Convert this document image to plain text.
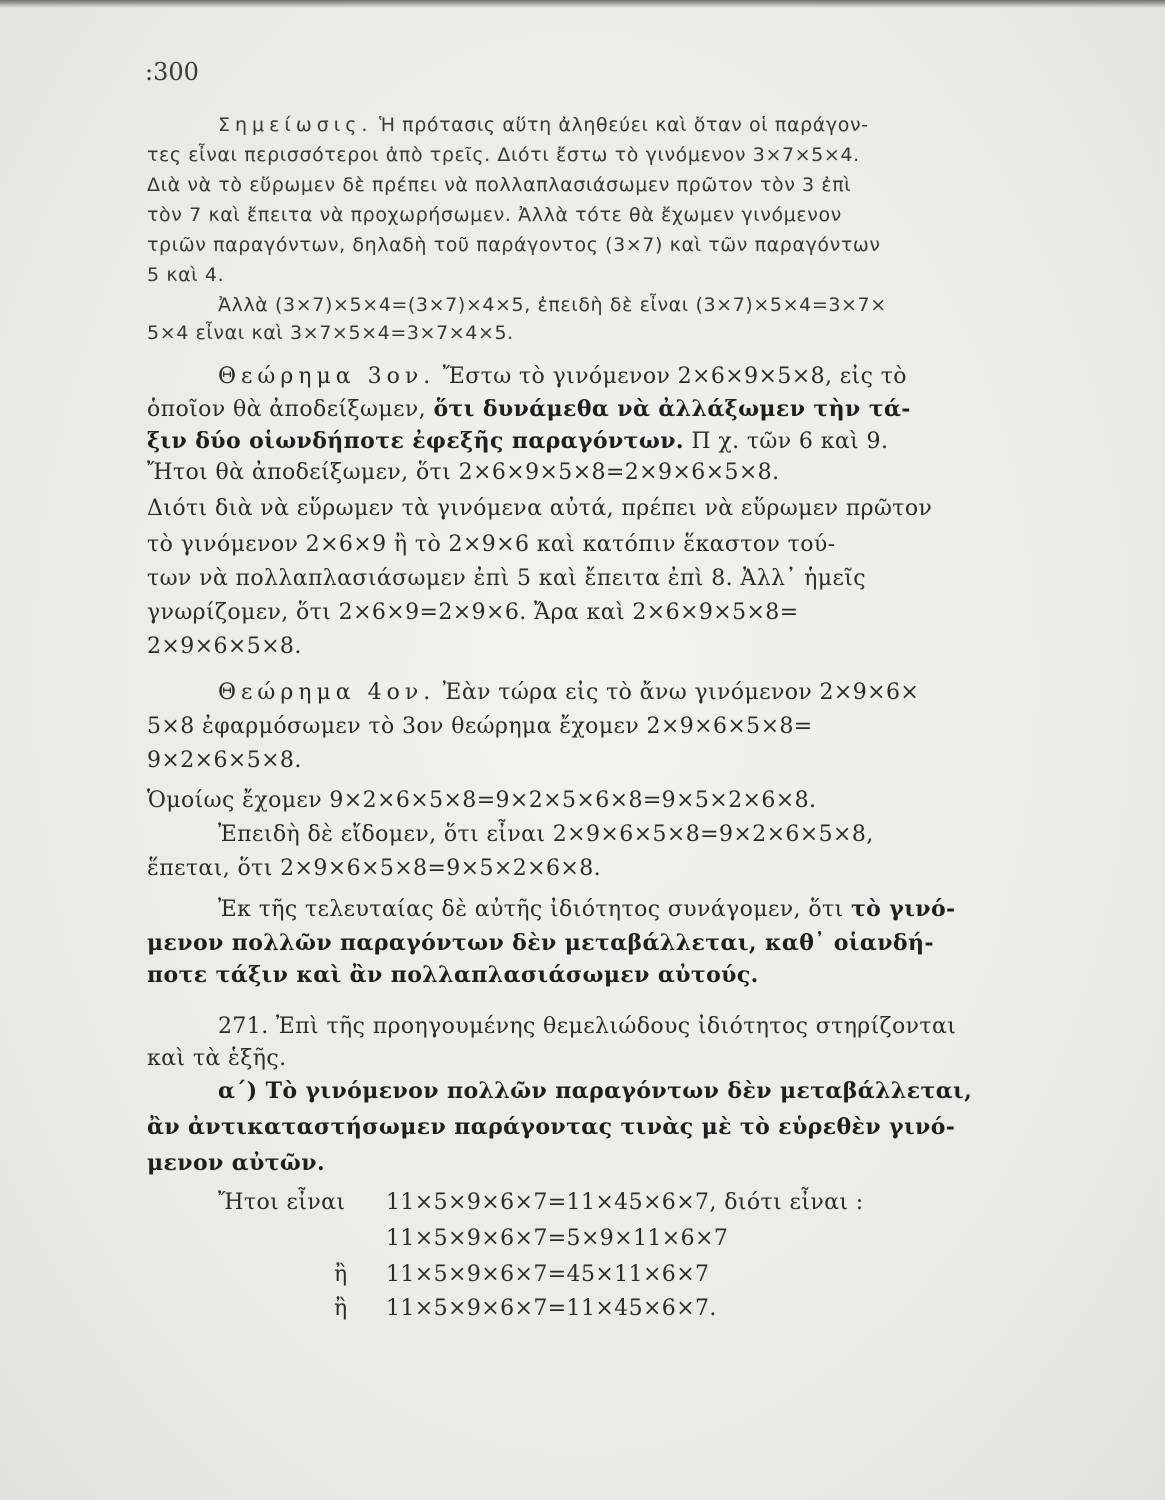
:300
Σημείωσις. Ἡ πρότασις αὕτη ἀληθεύει καὶ ὅταν οἱ παράγον-
τες εἶναι περισσότεροι ἀπὸ τρεῖς. Διότι ἔστω τὸ γινόμενον 3×7×5×4.
Διὰ νὰ τὸ εὕρωμεν δὲ πρέπει νὰ πολλαπλασιάσωμεν πρῶτον τὸν 3 ἐπὶ
τὸν 7 καὶ ἔπειτα νὰ προχωρήσωμεν. Ἀλλὰ τότε θὰ ἔχωμεν γινόμενον
τριῶν παραγόντων, δηλαδὴ τοῦ παράγοντος (3×7) καὶ τῶν παραγόντων
5 καὶ 4.
Ἀλλὰ (3×7)×5×4=(3×7)×4×5, ἐπειδὴ δὲ εἶναι (3×7)×5×4=3×7×
5×4 εἶναι καὶ 3×7×5×4=3×7×4×5.
Θεώρημα 3ον. Ἔστω τὸ γινόμενον 2×6×9×5×8, εἰς τὸ
ὁποῖον θὰ ἀποδείξωμεν, ὅτι δυνάμεθα νὰ ἀλλάξωμεν τὴν τά-
ξιν δύο οἱωνδήποτε ἐφεξῆς παραγόντων. Π χ. τῶν 6 καὶ 9.
Ἤτοι θὰ ἀποδείξωμεν, ὅτι 2×6×9×5×8=2×9×6×5×8.
Διότι διὰ νὰ εὕρωμεν τὰ γινόμενα αὐτά, πρέπει νὰ εὕρωμεν πρῶτον
τὸ γινόμενον 2×6×9 ἢ τὸ 2×9×6 καὶ κατόπιν ἕκαστον τού-
των νὰ πολλαπλασιάσωμεν ἐπὶ 5 καὶ ἔπειτα ἐπὶ 8. Ἀλλ᾽ ἡμεῖς
γνωρίζομεν, ὅτι 2×6×9=2×9×6. Ἄρα καὶ 2×6×9×5×8=
2×9×6×5×8.
Θεώρημα 4ον. Ἐὰν τώρα εἰς τὸ ἄνω γινόμενον 2×9×6×
5×8 ἐφαρμόσωμεν τὸ 3ον θεώρημα ἔχομεν 2×9×6×5×8=
9×2×6×5×8.
Ὁμοίως ἔχομεν 9×2×6×5×8=9×2×5×6×8=9×5×2×6×8.
Ἐπειδὴ δὲ εἴδομεν, ὅτι εἶναι 2×9×6×5×8=9×2×6×5×8,
ἕπεται, ὅτι 2×9×6×5×8=9×5×2×6×8.
Ἐκ τῆς τελευταίας δὲ αὐτῆς ἰδιότητος συνάγομεν, ὅτι τὸ γινό-
μενον πολλῶν παραγόντων δὲν μεταβάλλεται, καθ᾽ οἱανδή-
ποτε τάξιν καὶ ἂν πολλαπλασιάσωμεν αὐτούς.
271. Ἐπὶ τῆς προηγουμένης θεμελιώδους ἰδιότητος στηρίζονται
καὶ τὰ ἑξῆς.
α΄) Τὸ γινόμενον πολλῶν παραγόντων δὲν μεταβάλλεται,
ἂν ἀντικαταστήσωμεν παράγοντας τινὰς μὲ τὸ εὑρεθὲν γινό-
μενον αὐτῶν.
Ἤτοι εἶναι 11×5×9×6×7=11×45×6×7, διότι εἶναι :
11×5×9×6×7=5×9×11×6×7
ἢ 11×5×9×6×7=45×11×6×7
ἢ 11×5×9×6×7=11×45×6×7.
